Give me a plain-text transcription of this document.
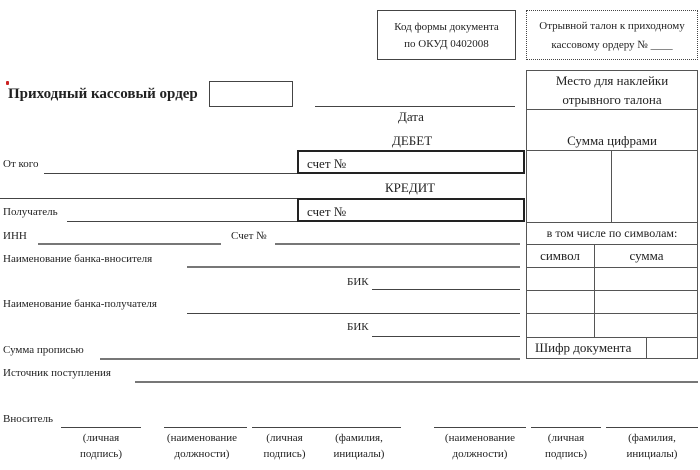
Код формы документа
по ОКУД 0402008
Отрывной талон к приходному
кассовому ордеру № ____
Приходный кассовый ордер
Дата
ДЕБЕТ
От кого	счет №
КРЕДИТ
Получатель	счет №
ИНН	Счет №
Наименование банка-вносителя
БИК
Наименование банка-получателя
БИК
Сумма прописью
Источник поступления
Вноситель
(личная
подпись)
(наименование
должности)
(личная
подпись)
(фамилия,
инициалы)
(наименование
должности)
(личная
подпись)
(фамилия,
инициалы)
Место для наклейки
отрывного талона
Сумма цифрами
в том числе по символам:
символ	сумма
Шифр документа
